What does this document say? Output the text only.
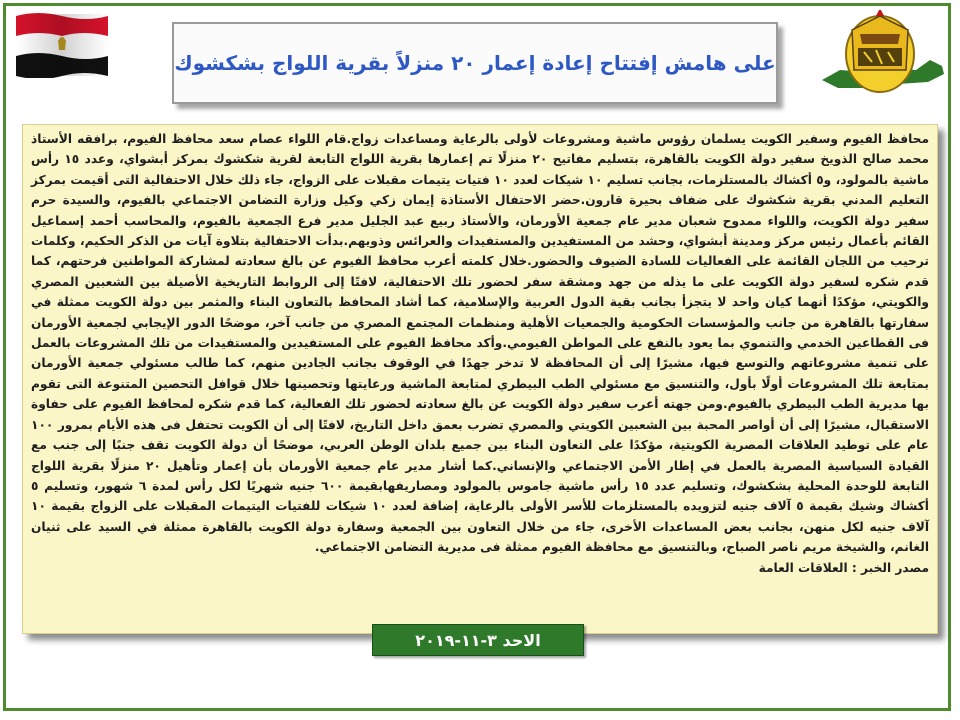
على هامش إفتتاح إعادة إعمار ٢٠ منزلاً بقرية اللواج بشكشوك

محافظ الفيوم وسفير الكويت يسلمان رؤوس ماشية ومشروعات لأولى بالرعاية ومساعدات زواج.قام اللواء عصام سعد محافظ الفيوم، برافقه الأستاذ محمد صالح الذويخ سفير دولة الكويت بالقاهرة، بتسليم مفاتيح ٢٠ منزلًا تم إعمارها بقرية اللواج التابعة لقرية شكشوك بمركز أبشواي، وعدد ١٥ رأس ماشية بالمولود، و٥ أكشاك بالمستلزمات، بجانب تسليم ١٠ شيكات لعدد ١٠ فتيات يتيمات مقبلات على الزواج، جاء ذلك خلال الاحتفالية التى أقيمت بمركز التعليم المدني بقرية شكشوك على ضفاف بحيرة قارون.حضر الاحتفال الأستاذة إيمان زكي وكيل وزارة التضامن الاجتماعي بالفيوم، والسيدة حرم سفير دولة الكويت، واللواء ممدوح شعبان مدير عام جمعية الأورمان، والأستاذ ربيع عبد الجليل مدير فرع الجمعية بالفيوم، والمحاسب أحمد إسماعيل القائم بأعمال رئيس مركز ومدينة أبشواي، وحشد من المستفيدين والمستفيدات والعرائس وذويهم.بدأت الاحتفالية بتلاوة آيات من الذكر الحكيم، وكلمات ترحيب من اللجان القائمة على الفعاليات للسادة الضيوف والحضور.خلال كلمته أعرب محافظ الفيوم عن بالغ سعادته لمشاركة المواطنين فرحتهم، كما قدم شكره لسفير دولة الكويت على ما يذله من جهد ومشقة سفر لحضور تلك الاحتفالية، لافتًا إلى الروابط التاريخية الأصيلة بين الشعبين المصري والكويتي، مؤكدًا أنهما كيان واحد لا يتجزأ بجانب بقية الدول العربية والإسلامية، كما أشاد المحافظ بالتعاون البناء والمثمر بين دولة الكويت ممثلة في سفارتها بالقاهرة من جانب والمؤسسات الحكومية والجمعيات الأهلية ومنظمات المجتمع المصري من جانب آخر، موضحًا الدور الإيجابي لجمعية الأورمان فى القطاعين الخدمي والتنموي بما يعود بالنفع على المواطن الفيومي.وأكد محافظ الفيوم على المستفيدين والمستفيدات من تلك المشروعات بالعمل على تنمية مشروعاتهم والتوسع فيها، مشيرًا إلى أن المحافظة لا تدخر جهدًا في الوقوف بجانب الجادين منهم، كما طالب مسئولي جمعية الأورمان بمتابعة تلك المشروعات أولًا بأول، والتنسيق مع مسئولي الطب البيطري لمتابعة الماشية ورعايتها وتحصينها خلال قوافل التحصين المتنوعة التى تقوم بها مديرية الطب البيطري بالفيوم.ومن جهته أعرب سفير دولة الكويت عن بالغ سعادته لحضور تلك الفعالية، كما قدم شكره لمحافظ الفيوم على حفاوة الاستقبال، مشيرًا إلى أن أواصر المحبة بين الشعبين الكويتي والمصري تضرب بعمق داخل التاريخ، لافتًا إلى أن الكويت تحتفل فى هذه الأيام بمرور ١٠٠ عام على توطيد العلاقات المصرية الكويتية، مؤكدًا على التعاون البناء بين جميع بلدان الوطن العربي، موضحًا أن دولة الكويت تقف جنبًا إلى جنب مع القيادة السياسية المصرية بالعمل في إطار الأمن الاجتماعي والإنساني.كما أشار مدير عام جمعية الأورمان بأن إعمار وتأهيل ٢٠ منزلًا بقرية اللواج التابعة للوحدة المحلية بشكشوك، وتسليم عدد ١٥ رأس ماشية جاموس بالمولود ومصاريفهابقيمة ٦٠٠ جنيه شهريًا لكل رأس لمدة ٦ شهور، وتسليم ٥ أكشاك وشيك بقيمة ٥ آلاف جنيه لتزويده بالمستلزمات للأسر الأولى بالرعاية، إضافة لعدد ١٠ شيكات للفتيات اليتيمات المقبلات على الزواج بقيمة ١٠ آلاف جنيه لكل منهن، بجانب بعض المساعدات الأخرى، جاء من خلال التعاون بين الجمعية وسفارة دولة الكويت بالقاهرة ممثلة في السيد على ثنيان الغانم، والشيخة مريم ناصر الصباح، وبالتنسيق مع محافظة الفيوم ممثلة فى مديرية التضامن الاجتماعي.

مصدر الخبر : العلاقات العامة

الاحد ٣-١١-٢٠١٩
